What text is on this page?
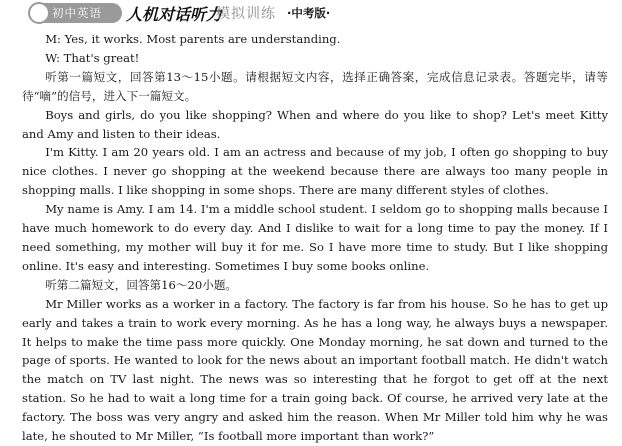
初中英语 人机对话听力
模拟训练 ·中考版·

M: Yes, it works. Most parents are understanding.

W: That's great!

听第一篇短文，回答第13～15小题。请根据短文内容，选择正确答案，完成信息记录表。答题完毕，请等待“嘀”的信号，进入下一篇短文。

Boys and girls, do you like shopping? When and where do you like to shop? Let's meet Kitty and Amy and listen to their ideas.

I'm Kitty. I am 20 years old. I am an actress and because of my job, I often go shopping to buy nice clothes. I never go shopping at the weekend because there are always too many people in shopping malls. I like shopping in some shops. There are many different styles of clothes.

My name is Amy. I am 14. I'm a middle school student. I seldom go to shopping malls because I have much homework to do every day. And I dislike to wait for a long time to pay the money. If I need something, my mother will buy it for me. So I have more time to study. But I like shopping online. It's easy and interesting. Sometimes I buy some books online.

听第二篇短文，回答第16～20小题。

Mr Miller works as a worker in a factory. The factory is far from his house. So he has to get up early and takes a train to work every morning. As he has a long way, he always buys a newspaper. It helps to make the time pass more quickly. One Monday morning, he sat down and turned to the page of sports. He wanted to look for the news about an important football match. He didn't watch the match on TV last night. The news was so interesting that he forgot to get off at the next station. So he had to wait a long time for a train going back. Of course, he arrived very late at the factory. The boss was very angry and asked him the reason. When Mr Miller told him why he was late, he shouted to Mr Miller, “Is football more important than work?”
